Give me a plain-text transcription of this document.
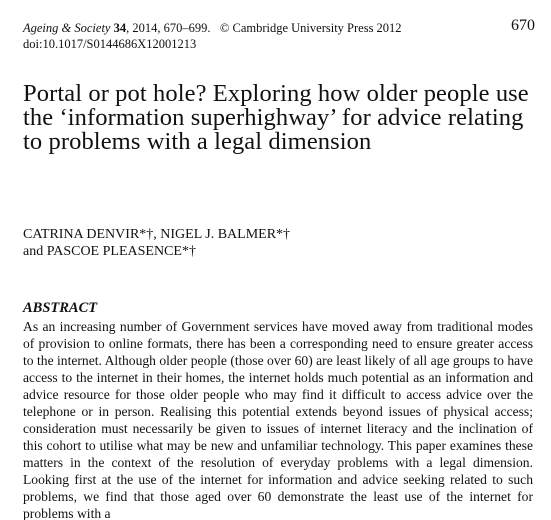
Ageing & Society 34, 2014, 670–699. © Cambridge University Press 2012
doi:10.1017/S0144686X12001213
670
Portal or pot hole? Exploring how older people use the ‘information superhighway’ for advice relating to problems with a legal dimension
CATRINA DENVIR*†, NIGEL J. BALMER*†
and PASCOE PLEASENCE*†
ABSTRACT

As an increasing number of Government services have moved away from traditional modes of provision to online formats, there has been a corresponding need to ensure greater access to the internet. Although older people (those over 60) are least likely of all age groups to have access to the internet in their homes, the internet holds much potential as an information and advice resource for those older people who may find it difficult to access advice over the telephone or in person. Realising this potential extends beyond issues of physical access; consideration must necessarily be given to issues of internet literacy and the inclination of this cohort to utilise what may be new and unfamiliar technology. This paper examines these matters in the context of the resolution of everyday problems with a legal dimension. Looking first at the use of the internet for information and advice seeking related to such problems, we find that those aged over 60 demonstrate the least use of the internet for problems with a
